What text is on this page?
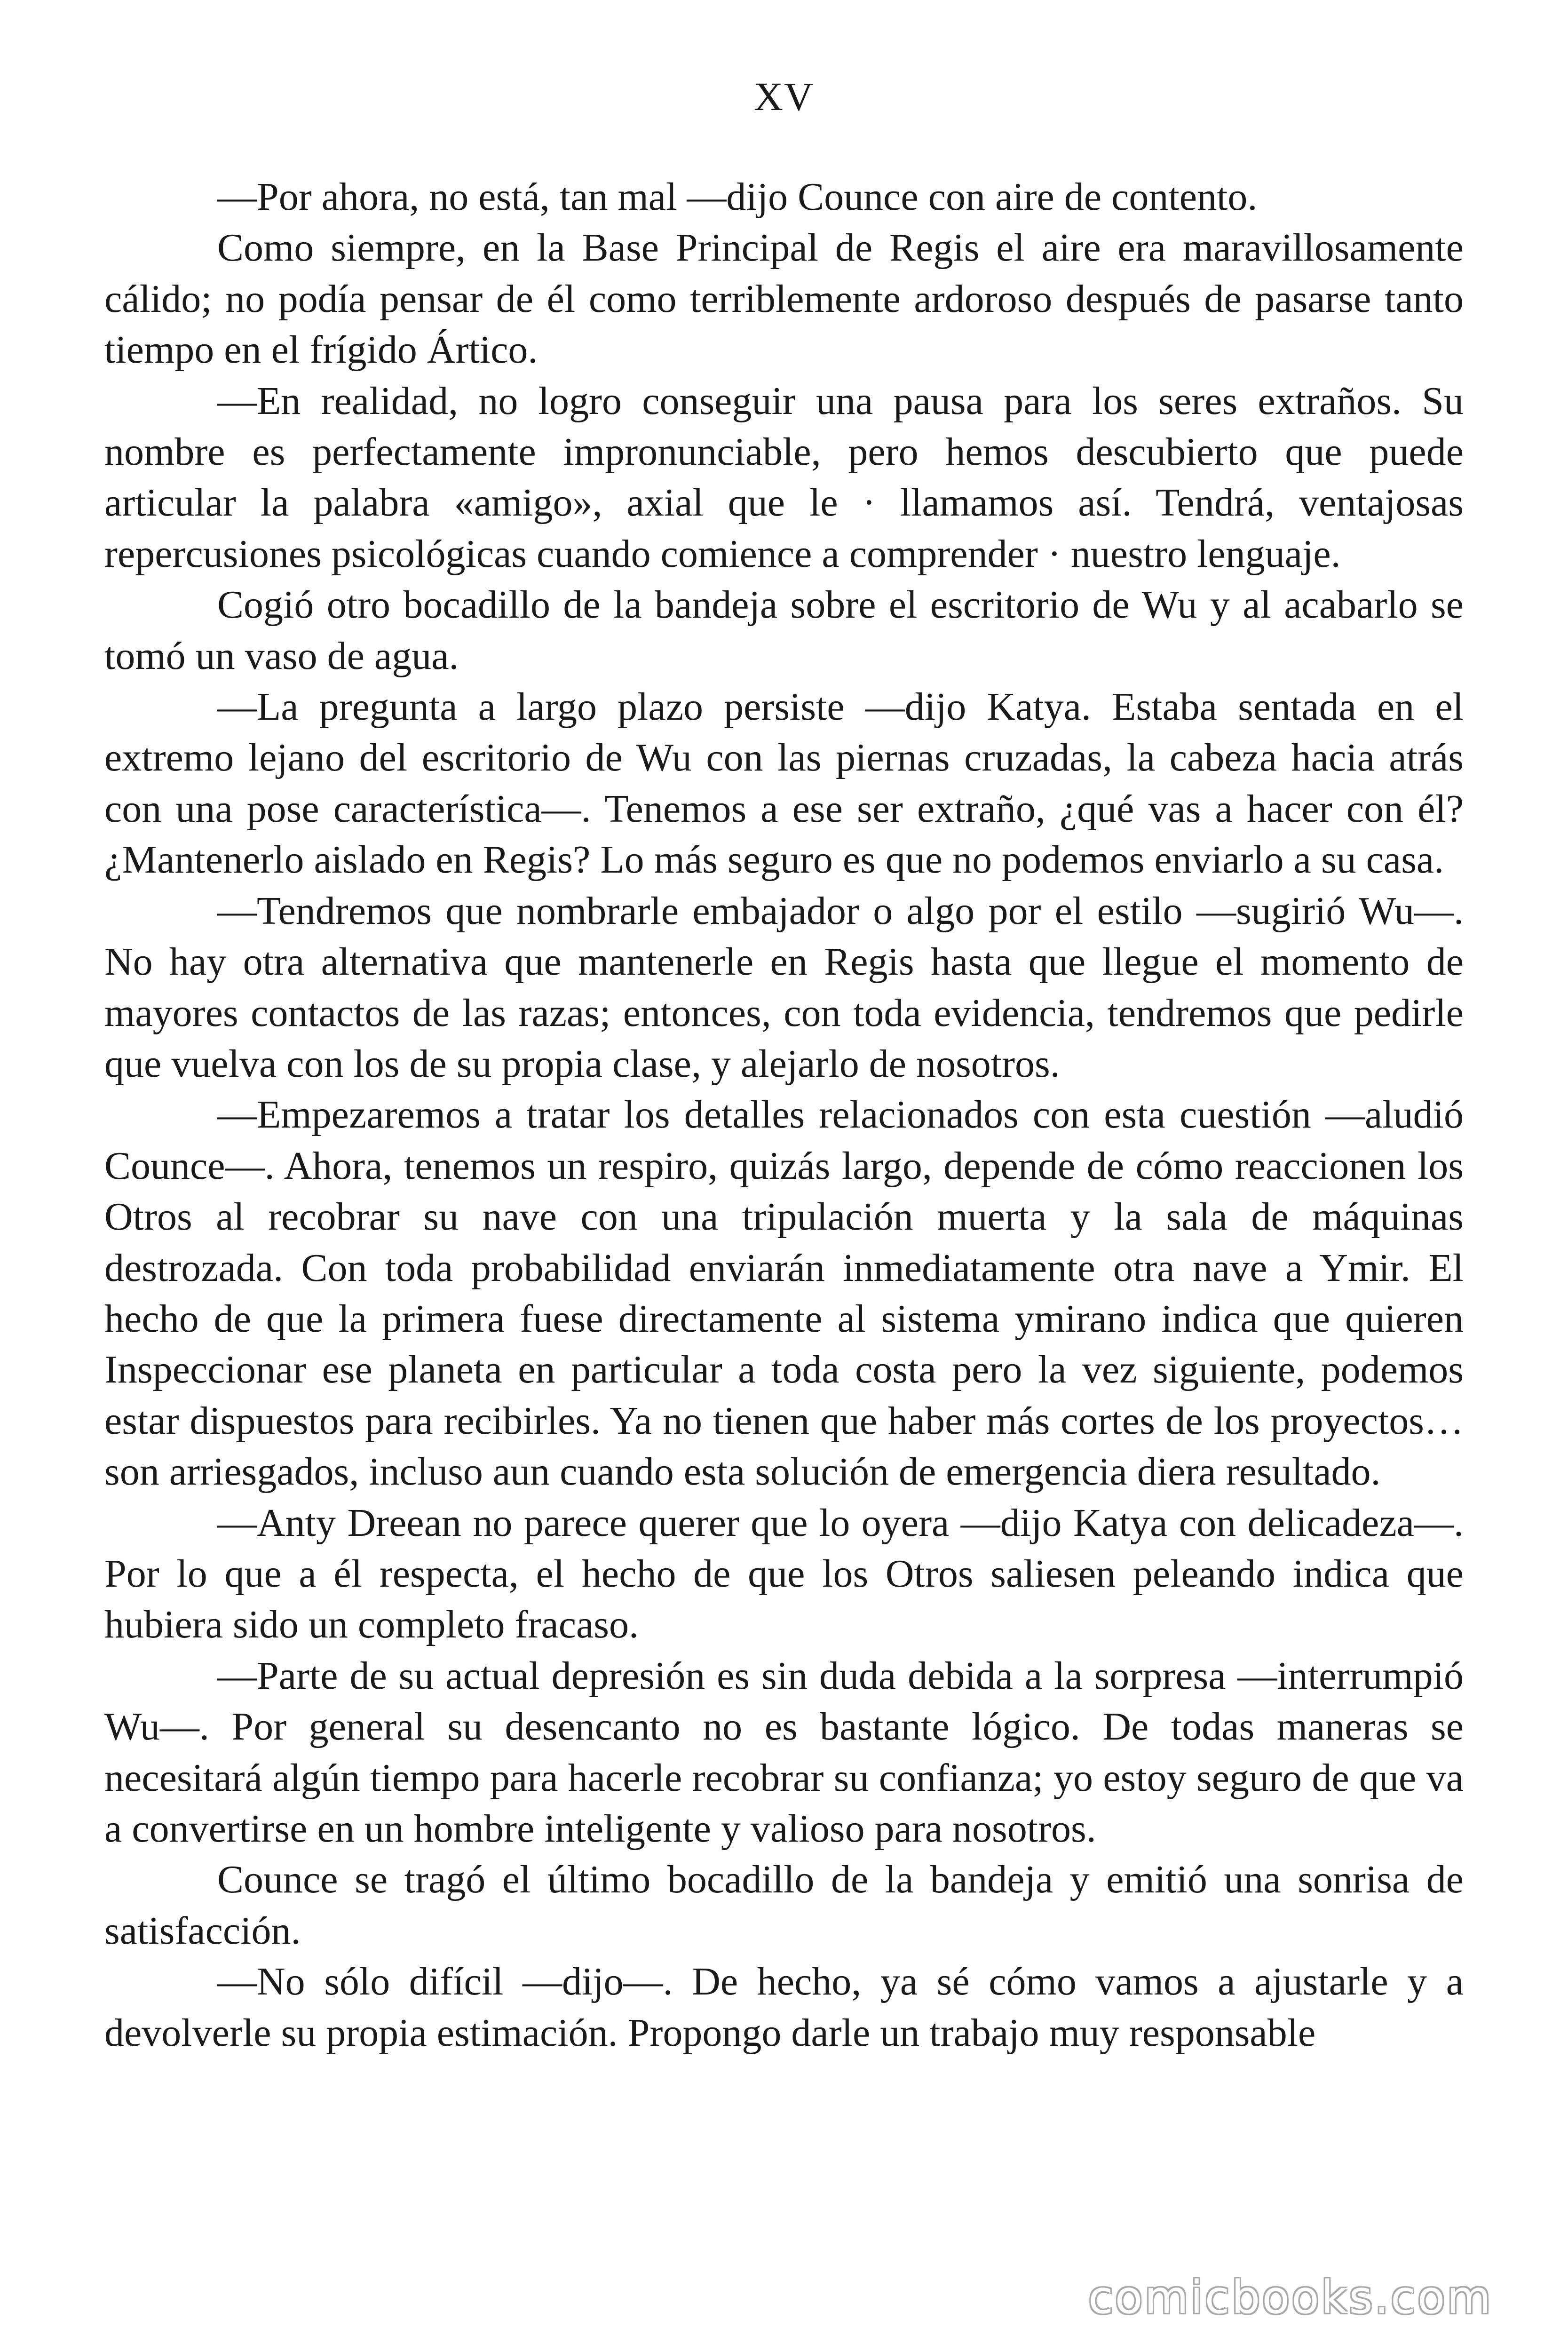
XV

—Por ahora, no está, tan mal —dijo Counce con aire de contento.

Como siempre, en la Base Principal de Regis el aire era maravillosamente cálido; no podía pensar de él como terriblemente ardoroso después de pasarse tanto tiempo en el frígido Ártico.

—En realidad, no logro conseguir una pausa para los seres extraños. Su nombre es perfectamente impronunciable, pero hemos descubierto que puede articular la palabra «amigo», axial que le · llamamos así. Tendrá, ventajosas repercusiones psicológicas cuando comience a comprender · nuestro lenguaje.

Cogió otro bocadillo de la bandeja sobre el escritorio de Wu y al acabarlo se tomó un vaso de agua.

—La pregunta a largo plazo persiste —dijo Katya. Estaba sentada en el extremo lejano del escritorio de Wu con las piernas cruzadas, la cabeza hacia atrás con una pose característica—. Tenemos a ese ser extraño, ¿qué vas a hacer con él? ¿Mantenerlo aislado en Regis? Lo más seguro es que no podemos enviarlo a su casa.

—Tendremos que nombrarle embajador o algo por el estilo —sugirió Wu—. No hay otra alternativa que mantenerle en Regis hasta que llegue el momento de mayores contactos de las razas; entonces, con toda evidencia, tendremos que pedirle que vuelva con los de su propia clase, y alejarlo de nosotros.

—Empezaremos a tratar los detalles relacionados con esta cuestión —aludió Counce—. Ahora, tenemos un respiro, quizás largo, depende de cómo reaccionen los Otros al recobrar su nave con una tripulación muerta y la sala de máquinas destrozada. Con toda probabilidad enviarán inmediatamente otra nave a Ymir. El hecho de que la primera fuese directamente al sistema ymirano indica que quieren Inspeccionar ese planeta en particular a toda costa pero la vez siguiente, podemos estar dispuestos para recibirles. Ya no tienen que haber más cortes de los proyectos… son arriesgados, incluso aun cuando esta solución de emergencia diera resultado.

—Anty Dreean no parece querer que lo oyera —dijo Katya con delicadeza—. Por lo que a él respecta, el hecho de que los Otros saliesen peleando indica que hubiera sido un completo fracaso.

—Parte de su actual depresión es sin duda debida a la sorpresa —interrumpió Wu—. Por general su desencanto no es bastante lógico. De todas maneras se necesitará algún tiempo para hacerle recobrar su confianza; yo estoy seguro de que va a convertirse en un hombre inteligente y valioso para nosotros.

Counce se tragó el último bocadillo de la bandeja y emitió una sonrisa de satisfacción.

—No sólo difícil —dijo—. De hecho, ya sé cómo vamos a ajustarle y a devolverle su propia estimación. Propongo darle un trabajo muy responsable

comicbooks.com
